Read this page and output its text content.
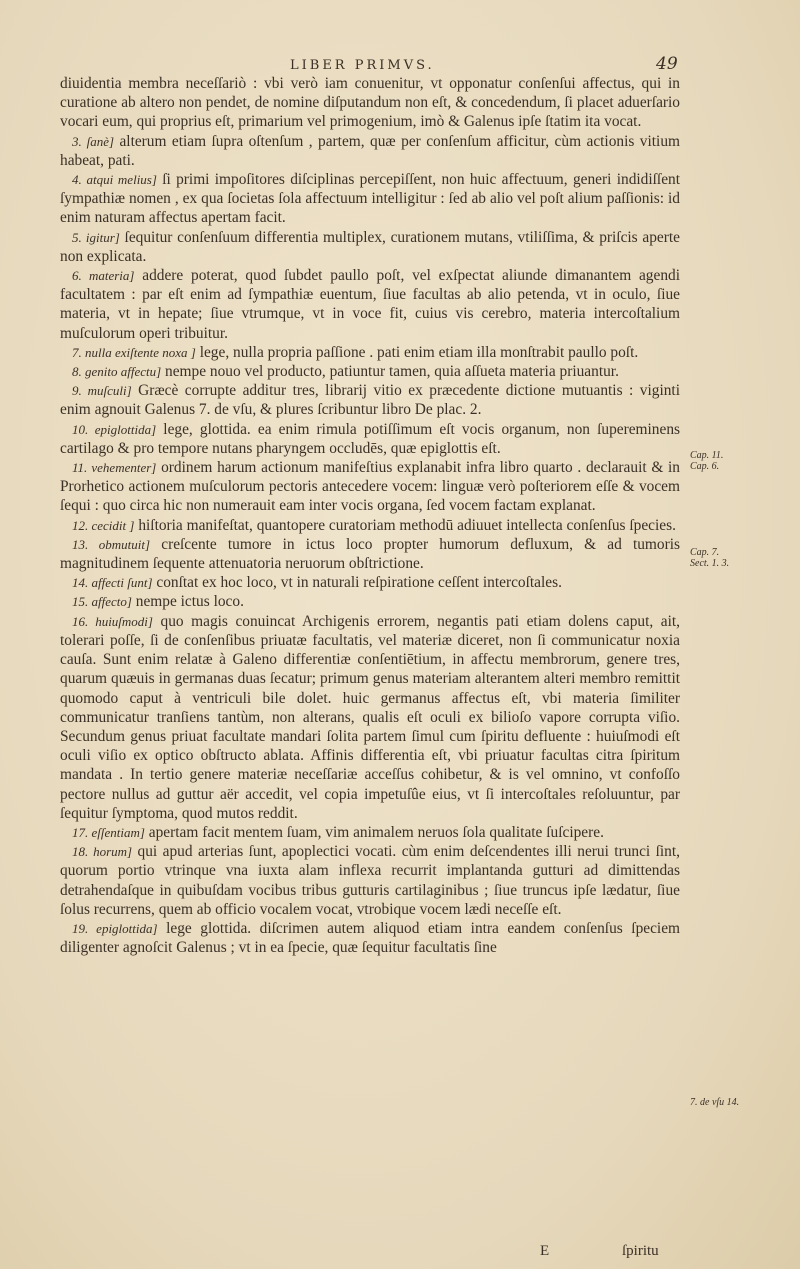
LIBER PRIMVS.	49

diuidentia membra neceſſariò : vbi verò iam conuenitur, vt opponatur conſenſui affectus, qui in curatione ab altero non pendet, de nomine diſputandum non eſt, & concedendum, ſi placet aduerſario vocari eum, qui proprius eſt, primarium vel primogenium, imò & Galenus ipſe ſtatim ita vocat.

3. ſanè] alterum etiam ſupra oſtenſum , partem, quæ per conſenſum afficitur, cùm actionis vitium habeat, pati.

4. atqui melius] ſi primi impoſitores diſciplinas percepiſſent, non huic affectuum, generi indidiſſent ſympathiæ nomen , ex qua ſocietas ſola affectuum intelligitur : ſed ab alio vel poſt alium paſſionis: id enim naturam affectus apertam facit.

5. igitur] ſequitur conſenſuum differentia multiplex, curationem mutans, vtiliſſima, & priſcis aperte non explicata.

6. materia] addere poterat, quod ſubdet paullo poſt, vel exſpectat aliunde dimanantem agendi facultatem : par eſt enim ad ſympathiæ euentum, ſiue facultas ab alio petenda, vt in oculo, ſiue materia, vt in hepate; ſiue vtrumque, vt in voce fit, cuius vis cerebro, materia intercoſtalium muſculorum operi tribuitur.

7. nulla exiſtente noxa ] lege, nulla propria paſſione . pati enim etiam illa monſtrabit paullo poſt.

8. genito affectu] nempe nouo vel producto, patiuntur tamen, quia aſſueta materia priuantur.

9. muſculi] Græcè corrupte additur tres, librarij vitio ex præcedente dictione mutuantis : viginti enim agnouit Galenus 7. de vſu, & plures ſcribuntur libro De plac. 2.

10. epiglottida] lege, glottida. ea enim rimula potiſſimum eſt vocis organum, non ſupereminens cartilago & pro tempore nutans pharyngem occludēs, quæ epiglottis eſt.

11. vehementer] ordinem harum actionum manifeſtius explanabit infra libro quarto . declarauit & in Prorhetico actionem muſculorum pectoris antecedere vocem: linguæ verò poſteriorem eſſe & vocem ſequi : quo circa hic non numerauit eam inter vocis organa, ſed vocem factam explanat.

12. cecidit ] hiſtoria manifeſtat, quantopere curatoriam methodū adiuuet intellecta conſenſus ſpecies.

13. obmutuit] creſcente tumore in ictus loco propter humorum defluxum, & ad tumoris magnitudinem ſequente attenuatoria neruorum obſtrictione.

14. affecti ſunt] conſtat ex hoc loco, vt in naturali reſpiratione ceſſent intercoſtales.

15. affecto] nempe ictus loco.

16. huiuſmodi] quo magis conuincat Archigenis errorem, negantis pati etiam dolens caput, ait, tolerari poſſe, ſi de conſenſibus priuatæ facultatis, vel materiæ diceret, non ſi communicatur noxia cauſa. Sunt enim relatæ à Galeno differentiæ conſentiētium, in affectu membrorum, genere tres, quarum quæuis in germanas duas ſecatur; primum genus materiam alterantem alteri membro remittit quomodo caput à ventriculi bile dolet. huic germanus affectus eſt, vbi materia ſimiliter communicatur tranſiens tantùm, non alterans, qualis eſt oculi ex bilioſo vapore corrupta viſio. Secundum genus priuat facultate mandari ſolita partem ſimul cum ſpiritu defluente : huiuſmodi eſt oculi viſio ex optico obſtructo ablata. Affinis differentia eſt, vbi priuatur facultas citra ſpiritum mandata . In tertio genere materiæ neceſſariæ acceſſus cohibetur, & is vel omnino, vt confoſſo pectore nullus ad guttur aër accedit, vel copia impetuſûe eius, vt ſi intercoſtales reſoluuntur, par ſequitur ſymptoma, quod mutos reddit.

17. eſſentiam] apertam facit mentem ſuam, vim animalem neruos ſola qualitate ſuſcipere.

18. horum] qui apud arterias ſunt, apoplectici vocati. cùm enim deſcendentes illi nerui trunci ſint, quorum portio vtrinque vna iuxta alam inflexa recurrit implantanda gutturi ad dimittendas detrahendaſque in quibuſdam vocibus tribus gutturis cartilaginibus ; ſiue truncus ipſe lædatur, ſiue ſolus recurrens, quem ab officio vocalem vocat, vtrobique vocem lædi neceſſe eſt.

19. epiglottida] lege glottida. diſcrimen autem aliquod etiam intra eandem conſenſus ſpeciem diligenter agnoſcit Galenus ; vt in ea ſpecie, quæ ſequitur facultatis ſine

Cap. 11.
Cap. 6.
Cap. 7.
Sect. 1. 3.
7. de vſu 14.
E	ſpiritu
